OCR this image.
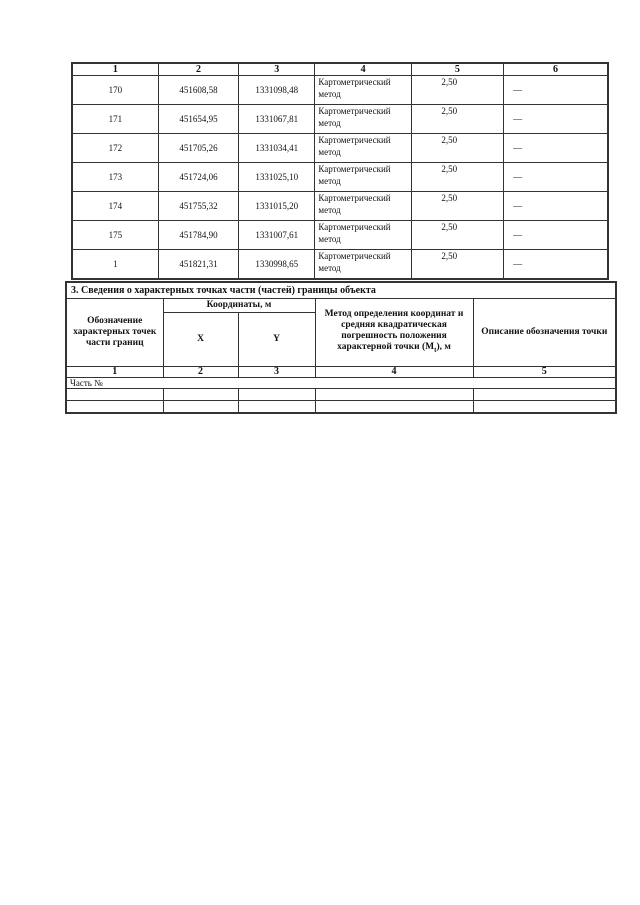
1	2	3	4	5	6
170	451608,58	1331098,48	Картометрический метод	2,50	—
171	451654,95	1331067,81	Картометрический метод	2,50	—
172	451705,26	1331034,41	Картометрический метод	2,50	—
173	451724,06	1331025,10	Картометрический метод	2,50	—
174	451755,32	1331015,20	Картометрический метод	2,50	—
175	451784,90	1331007,61	Картометрический метод	2,50	—
1	451821,31	1330998,65	Картометрический метод	2,50	—
3. Сведения о характерных точках части (частей) границы объекта				
Обозначение характерных точек части границ	Координаты, м		Метод определения координат и средняя квадратическая погрешность положения характерной точки $(M_t)$, м	Описание обозначения точки
	X	Y		
1	2	3	4	5
Часть №				
